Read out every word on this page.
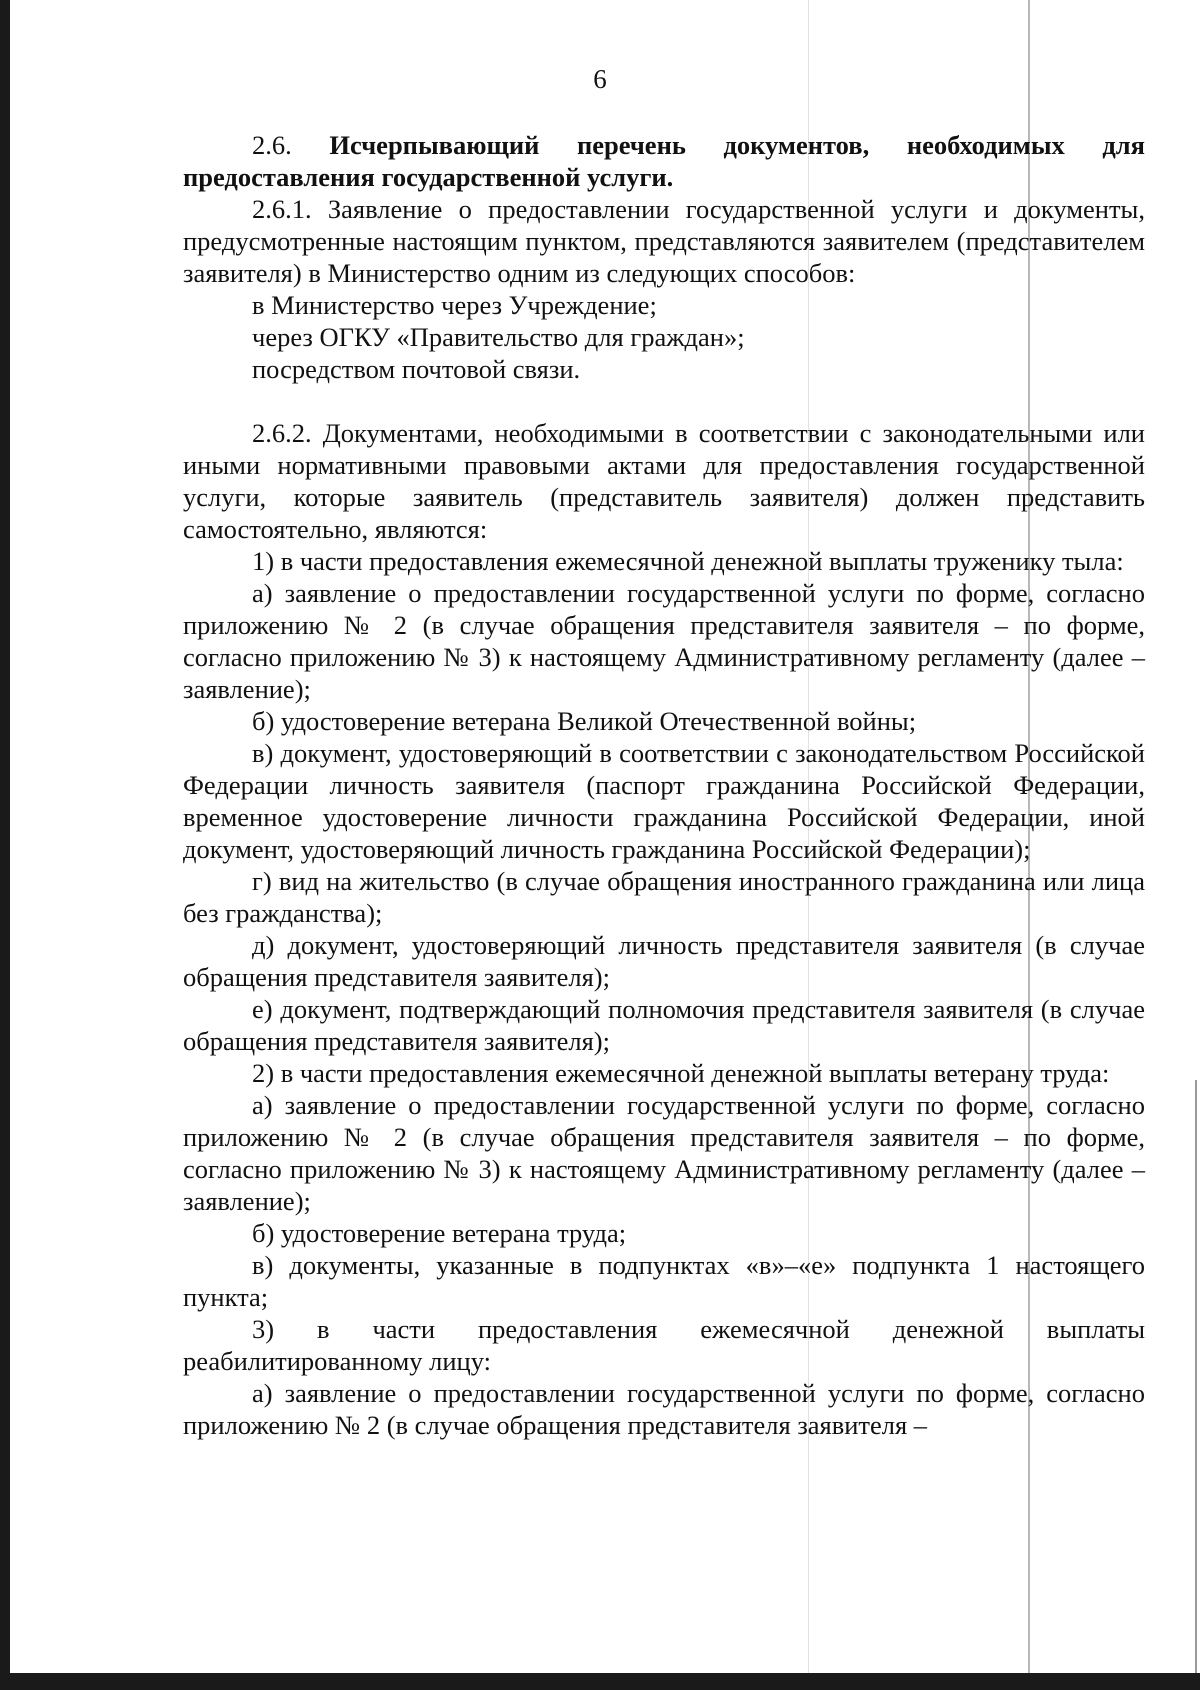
6

2.6. Исчерпывающий перечень документов, необходимых для предоставления государственной услуги.

2.6.1. Заявление о предоставлении государственной услуги и документы, предусмотренные настоящим пунктом, представляются заявителем (представителем заявителя) в Министерство одним из следующих способов:

в Министерство через Учреждение;

через ОГКУ «Правительство для граждан»;

посредством почтовой связи.

2.6.2. Документами, необходимыми в соответствии с законодательными или иными нормативными правовыми актами для предоставления государственной услуги, которые заявитель (представитель заявителя) должен представить самостоятельно, являются:

1) в части предоставления ежемесячной денежной выплаты труженику тыла:

а) заявление о предоставлении государственной услуги по форме, согласно приложению № 2 (в случае обращения представителя заявителя – по форме, согласно приложению № 3) к настоящему Административному регламенту (далее – заявление);

б) удостоверение ветерана Великой Отечественной войны;

в) документ, удостоверяющий в соответствии с законодательством Российской Федерации личность заявителя (паспорт гражданина Российской Федерации, временное удостоверение личности гражданина Российской Федерации, иной документ, удостоверяющий личность гражданина Российской Федерации);

г) вид на жительство (в случае обращения иностранного гражданина или лица без гражданства);

д) документ, удостоверяющий личность представителя заявителя (в случае обращения представителя заявителя);

е) документ, подтверждающий полномочия представителя заявителя (в случае обращения представителя заявителя);

2) в части предоставления ежемесячной денежной выплаты ветерану труда:

а) заявление о предоставлении государственной услуги по форме, согласно приложению № 2 (в случае обращения представителя заявителя – по форме, согласно приложению № 3) к настоящему Административному регламенту (далее – заявление);

б) удостоверение ветерана труда;

в) документы, указанные в подпунктах «в»–«е» подпункта 1 настоящего пункта;

3) в части предоставления ежемесячной денежной выплаты реабилитированному лицу:

а) заявление о предоставлении государственной услуги по форме, согласно приложению № 2 (в случае обращения представителя заявителя –
